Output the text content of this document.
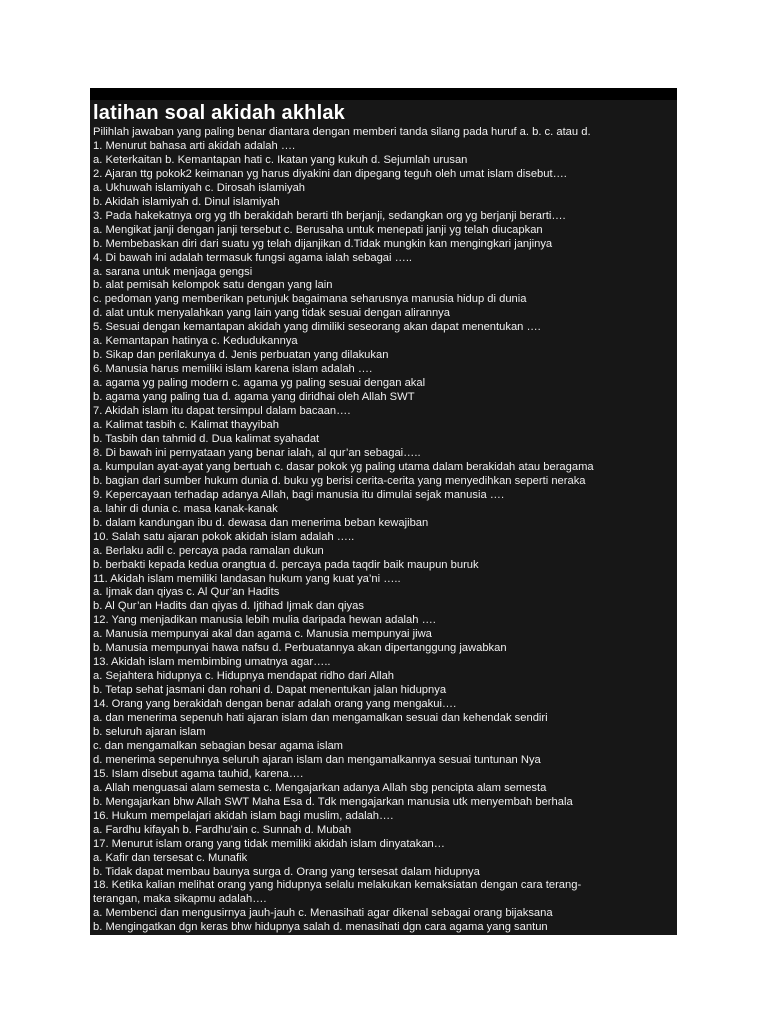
latihan soal akidah akhlak
Pilihlah jawaban yang paling benar diantara dengan memberi tanda silang pada huruf a. b. c. atau d.
1. Menurut bahasa arti akidah adalah ….
a. Keterkaitan b. Kemantapan hati c. Ikatan yang kukuh d. Sejumlah urusan
2. Ajaran ttg pokok2 keimanan yg harus diyakini dan dipegang teguh oleh umat islam disebut….
a. Ukhuwah islamiyah c. Dirosah islamiyah
b. Akidah islamiyah d. Dinul islamiyah
3. Pada hakekatnya org yg tlh berakidah berarti tlh berjanji, sedangkan org yg berjanji berarti….
a. Mengikat janji dengan janji tersebut c. Berusaha untuk menepati janji yg telah diucapkan
b. Membebaskan diri dari suatu yg telah dijanjikan d.Tidak mungkin kan mengingkari janjinya
4. Di bawah ini adalah termasuk fungsi agama ialah sebagai …..
a. sarana untuk menjaga gengsi
b. alat pemisah kelompok satu dengan yang lain
c. pedoman yang memberikan petunjuk bagaimana seharusnya manusia hidup di dunia
d. alat untuk menyalahkan yang lain yang tidak sesuai dengan alirannya
5. Sesuai dengan kemantapan akidah yang dimiliki seseorang akan dapat menentukan ….
a. Kemantapan hatinya c. Kedudukannya
b. Sikap dan perilakunya d. Jenis perbuatan yang dilakukan
6. Manusia harus memiliki islam karena islam adalah ….
a. agama yg paling modern c. agama yg paling sesuai dengan akal
b. agama yang paling tua d. agama yang diridhai oleh Allah SWT
7. Akidah islam itu dapat tersimpul dalam bacaan….
a. Kalimat tasbih c. Kalimat thayyibah
b. Tasbih dan tahmid d. Dua kalimat syahadat
8. Di bawah ini pernyataan yang benar ialah, al qur’an sebagai…..
a. kumpulan ayat-ayat yang bertuah c. dasar pokok yg paling utama dalam berakidah atau beragama
b. bagian dari sumber hukum dunia d. buku yg berisi cerita-cerita yang menyedihkan seperti neraka
9. Kepercayaan terhadap adanya Allah, bagi manusia itu dimulai sejak manusia ….
a. lahir di dunia c. masa kanak-kanak
b. dalam kandungan ibu d. dewasa dan menerima beban kewajiban
10. Salah satu ajaran pokok akidah islam adalah …..
a. Berlaku adil c. percaya pada ramalan dukun
b. berbakti kepada kedua orangtua d. percaya pada taqdir baik maupun buruk
11. Akidah islam memiliki landasan hukum yang kuat ya’ni …..
a. Ijmak dan qiyas c. Al Qur’an Hadits
b. Al Qur’an Hadits dan qiyas d. Ijtihad Ijmak dan qiyas
12. Yang menjadikan manusia lebih mulia daripada hewan adalah ….
a. Manusia mempunyai akal dan agama c. Manusia mempunyai jiwa
b. Manusia mempunyai hawa nafsu d. Perbuatannya akan dipertanggung jawabkan
13. Akidah islam membimbing umatnya agar…..
a. Sejahtera hidupnya c. Hidupnya mendapat ridho dari Allah
b. Tetap sehat jasmani dan rohani d. Dapat menentukan jalan hidupnya
14. Orang yang berakidah dengan benar adalah orang yang mengakui….
a. dan menerima sepenuh hati ajaran islam dan mengamalkan sesuai dan kehendak sendiri
b. seluruh ajaran islam
c. dan mengamalkan sebagian besar agama islam
d. menerima sepenuhnya seluruh ajaran islam dan mengamalkannya sesuai tuntunan Nya
15. Islam disebut agama tauhid, karena….
a. Allah menguasai alam semesta c. Mengajarkan adanya Allah sbg pencipta alam semesta
b. Mengajarkan bhw Allah SWT Maha Esa d. Tdk mengajarkan manusia utk menyembah berhala
16. Hukum mempelajari akidah islam bagi muslim, adalah….
a. Fardhu kifayah b. Fardhu’ain c. Sunnah d. Mubah
17. Menurut islam orang yang tidak memiliki akidah islam dinyatakan…
a. Kafir dan tersesat c. Munafik
b. Tidak dapat membau baunya surga d. Orang yang tersesat dalam hidupnya
18. Ketika kalian melihat orang yang hidupnya selalu melakukan kemaksiatan dengan cara terang-
terangan, maka sikapmu adalah….
a. Membenci dan mengusirnya jauh-jauh c. Menasihati agar dikenal sebagai orang bijaksana
b. Mengingatkan dgn keras bhw hidupnya salah d. menasihati dgn cara agama yang santun
